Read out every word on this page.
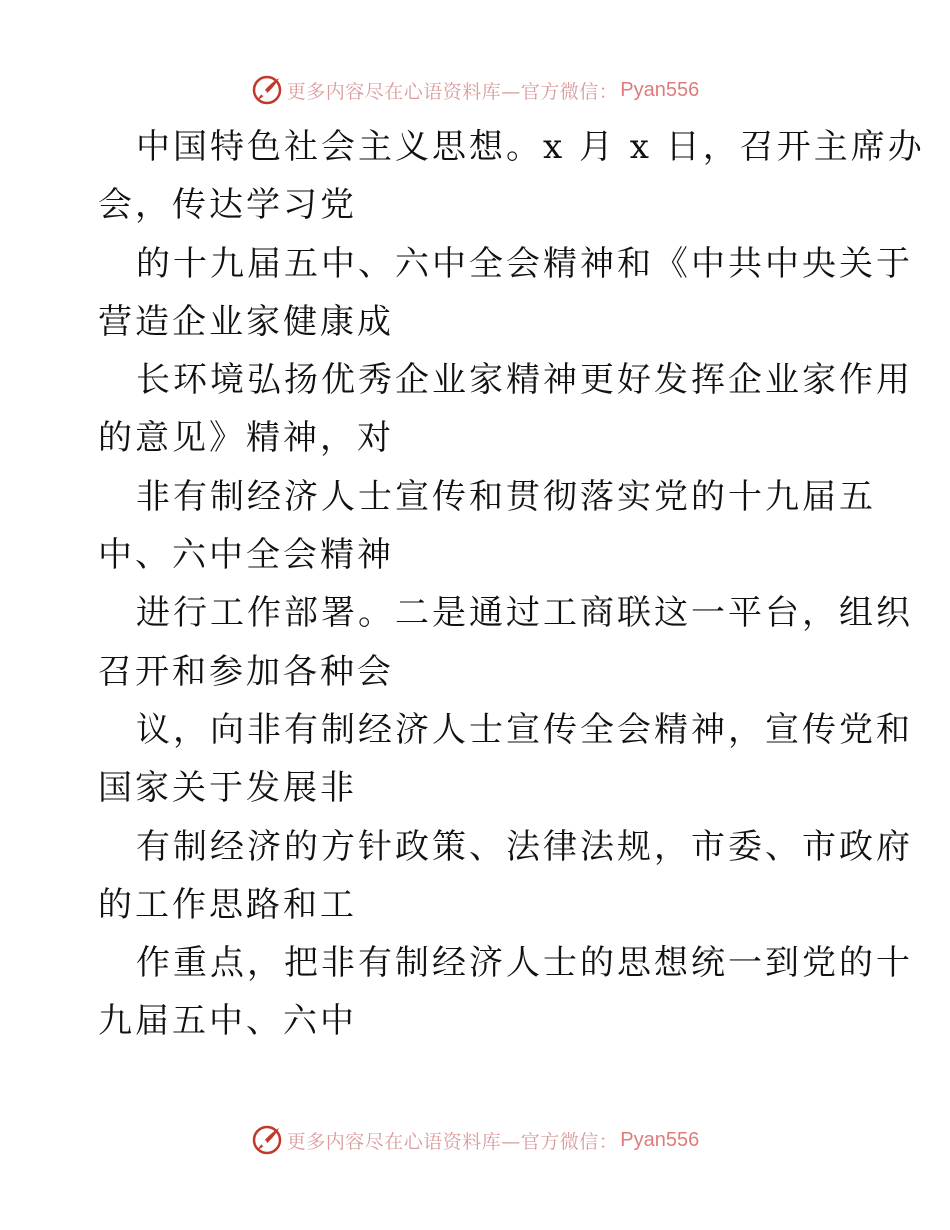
更多内容尽在心语资料库—官方微信： Pyan556
中国特色社会主义思想。x 月 x 日，召开主席办
会，传达学习党
的十九届五中、六中全会精神和《中共中央关于
营造企业家健康成
长环境弘扬优秀企业家精神更好发挥企业家作用
的意见》精神，对
非有制经济人士宣传和贯彻落实党的十九届五
中、六中全会精神
进行工作部署。二是通过工商联这一平台，组织
召开和参加各种会
议，向非有制经济人士宣传全会精神，宣传党和
国家关于发展非
有制经济的方针政策、法律法规，市委、市政府
的工作思路和工
作重点，把非有制经济人士的思想统一到党的十
九届五中、六中
更多内容尽在心语资料库—官方微信： Pyan556
